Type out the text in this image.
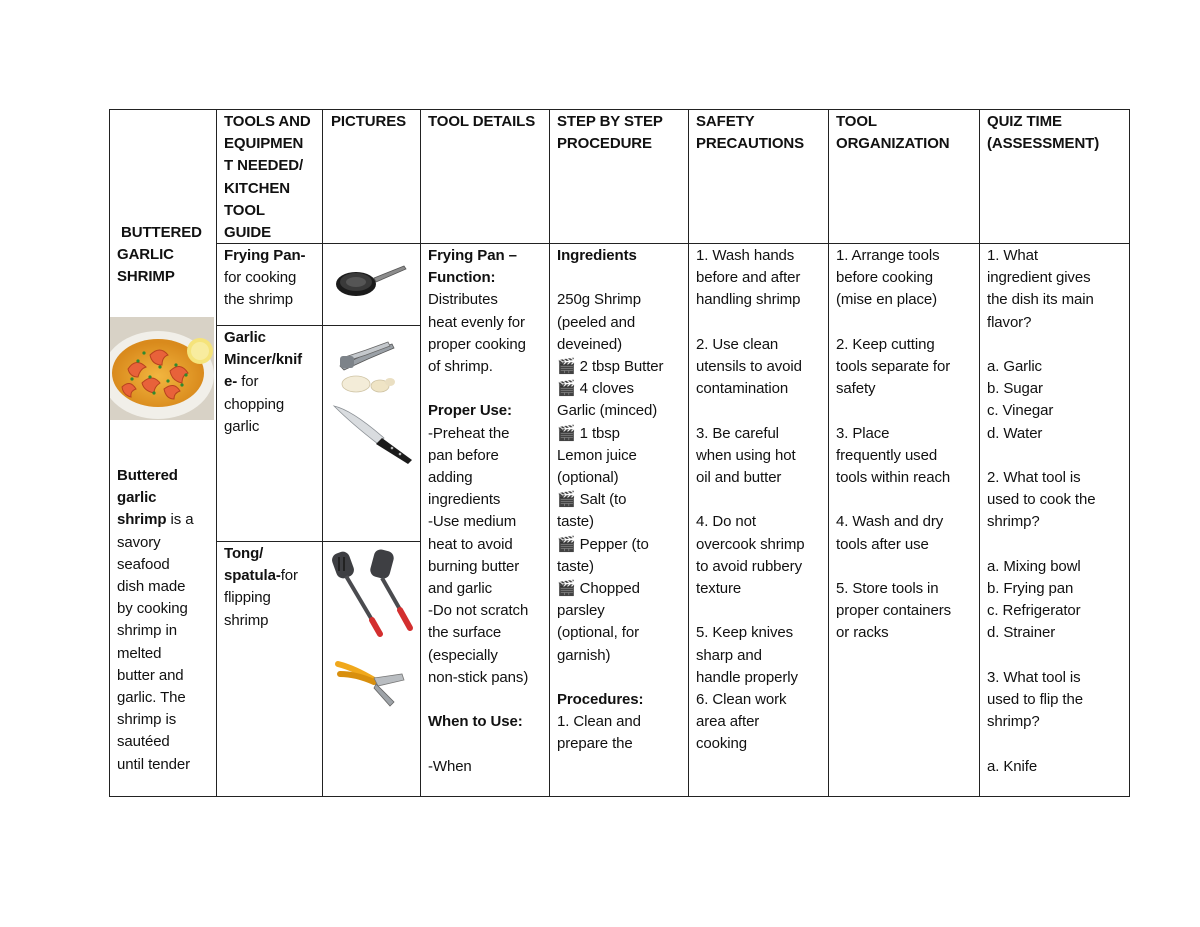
BUTTERED
GARLIC
SHRIMP
Buttered
garlic
shrimp is a
savory
seafood
dish made
by cooking
shrimp in
melted
butter and
garlic. The
shrimp is
sautéed
until tender
TOOLS AND
EQUIPMEN
T NEEDED/
KITCHEN
TOOL
GUIDE
PICTURES TOOL DETAILS STEP BY STEP
PROCEDURE
SAFETY
PRECAUTIONS
TOOL
ORGANIZATION
QUIZ TIME
(ASSESSMENT)
Frying Pan-
for cooking
the shrimp
Garlic
Mincer/knif
e- for
chopping
garlic
Tong/
spatula-for
flipping
shrimp
Frying Pan –
Function:
Distributes
heat evenly for
proper cooking
of shrimp.

Proper Use:
-Preheat the
pan before
adding
ingredients
-Use medium
heat to avoid
burning butter
and garlic
-Do not scratch
the surface
(especially
non-stick pans)

When to Use:

-When
Ingredients

250g Shrimp
(peeled and
deveined)
🎬 2 tbsp Butter
🎬 4 cloves
Garlic (minced)
🎬 1 tbsp
Lemon juice
(optional)
🎬 Salt (to
taste)
🎬 Pepper (to
taste)
🎬 Chopped
parsley
(optional, for
garnish)

Procedures:
1. Clean and
prepare the
1. Wash hands
before and after
handling shrimp

2. Use clean
utensils to avoid
contamination

3. Be careful
when using hot
oil and butter

4. Do not
overcook shrimp
to avoid rubbery
texture

5. Keep knives
sharp and
handle properly
6. Clean work
area after
cooking
1. Arrange tools
before cooking
(mise en place)

2. Keep cutting
tools separate for
safety

3. Place
frequently used
tools within reach

4. Wash and dry
tools after use

5. Store tools in
proper containers
or racks
1. What
ingredient gives
the dish its main
flavor?

a. Garlic
b. Sugar
c. Vinegar
d. Water

2. What tool is
used to cook the
shrimp?

a. Mixing bowl
b. Frying pan
c. Refrigerator
d. Strainer

3. What tool is
used to flip the
shrimp?

a. Knife
